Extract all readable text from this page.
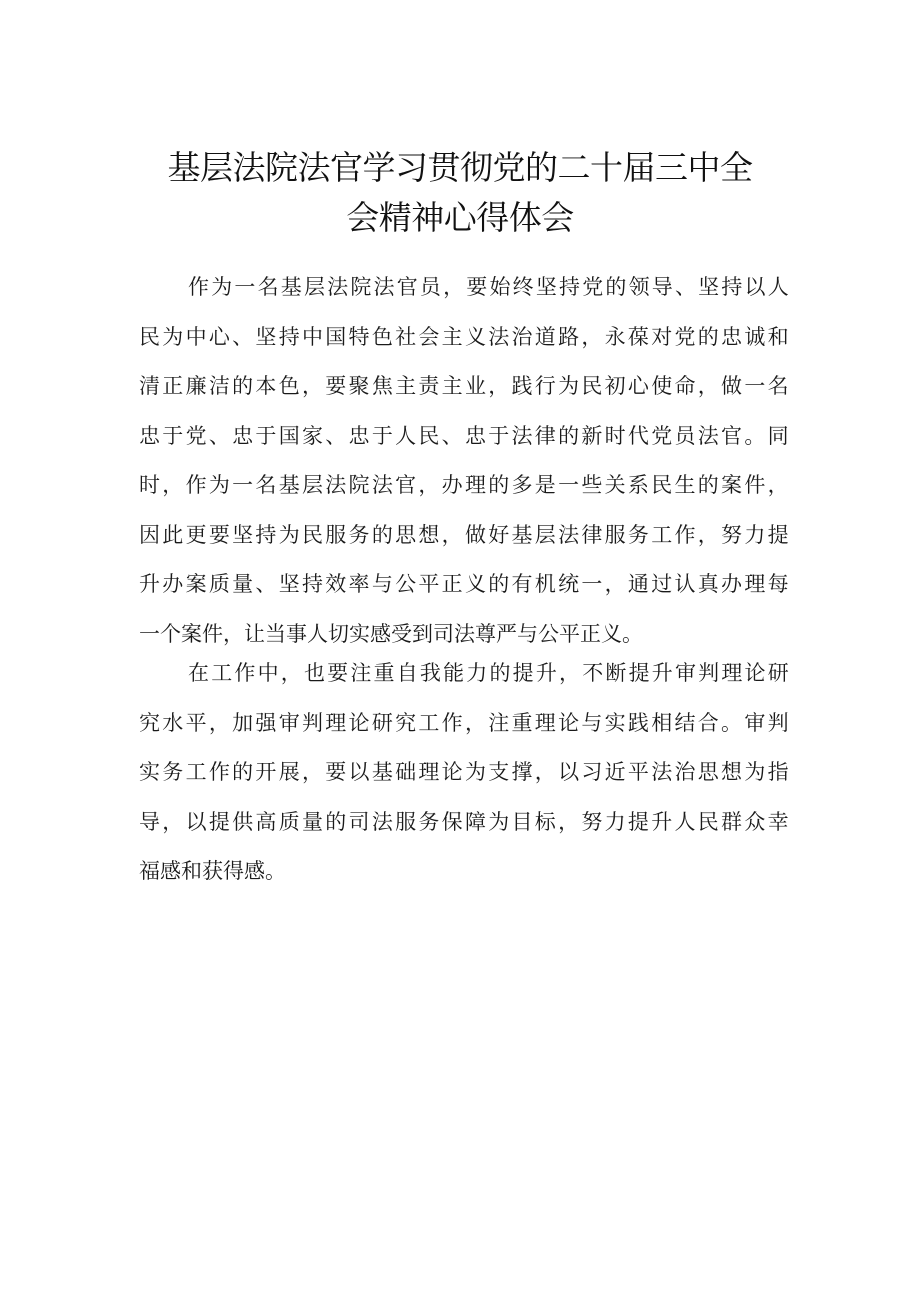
基层法院法官学习贯彻党的二十届三中全
会精神心得体会
作 为 一 名 基 层 法 院 法 官 员 ， 要 始 终 坚 持 党 的 领 导 、 坚 持 以 人
民 为 中 心 、 坚 持 中 国 特 色 社 会 主 义 法 治 道 路 ， 永 葆 对 党 的 忠 诚 和
清 正 廉 洁 的 本 色 ， 要 聚 焦 主 责 主 业 ， 践 行 为 民 初 心 使 命 ， 做 一 名
忠 于 党 、 忠 于 国 家 、 忠 于 人 民 、 忠 于 法 律 的 新 时 代 党 员 法 官 。 同
时 ， 作 为 一 名 基 层 法 院 法 官 ， 办 理 的 多 是 一 些 关 系 民 生 的 案 件 ，
因 此 更 要 坚 持 为 民 服 务 的 思 想 ， 做 好 基 层 法 律 服 务 工 作 ， 努 力 提
升 办 案 质 量 、 坚 持 效 率 与 公 平 正 义 的 有 机 统 一 ， 通 过 认 真 办 理 每
一个案件，让当事人切实感受到司法尊严与公平正义。
在 工 作 中 ， 也 要 注 重 自 我 能 力 的 提 升 ， 不 断 提 升 审 判 理 论 研
究 水 平 ， 加 强 审 判 理 论 研 究 工 作 ， 注 重 理 论 与 实 践 相 结 合 。 审 判
实 务 工 作 的 开 展 ， 要 以 基 础 理 论 为 支 撑 ， 以 习 近 平 法 治 思 想 为 指
导 ， 以 提 供 高 质 量 的 司 法 服 务 保 障 为 目 标 ， 努 力 提 升 人 民 群 众 幸
福感和获得感。
